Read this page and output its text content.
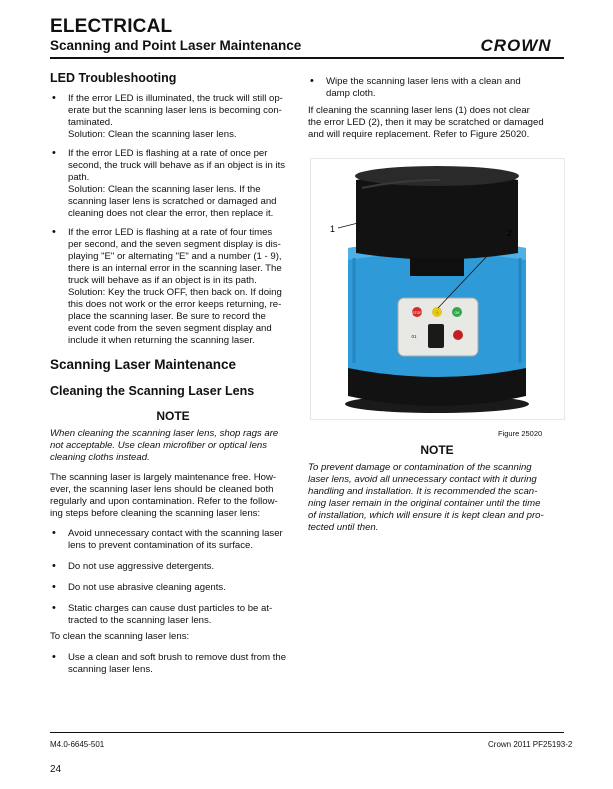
ELECTRICAL
Scanning and Point Laser Maintenance	CROWN

LED Troubleshooting

• If the error LED is illuminated, the truck will still op-
erate but the scanning laser lens is becoming con-
taminated.
Solution: Clean the scanning laser lens.
• If the error LED is flashing at a rate of once per
second, the truck will behave as if an object is in its
path.
Solution: Clean the scanning laser lens. If the
scanning laser lens is scratched or damaged and
cleaning does not clear the error, then replace it.
• If the error LED is flashing at a rate of four times
per second, and the seven segment display is dis-
playing "E" or alternating "E" and a number (1 - 9),
there is an internal error in the scanning laser. The
truck will behave as if an object is in its path.
Solution: Key the truck OFF, then back on. If doing
this does not work or the error keeps returning, re-
place the scanning laser. Be sure to record the
event code from the seven segment display and
include it when returning the scanning laser.

Scanning Laser Maintenance

Cleaning the Scanning Laser Lens

NOTE

When cleaning the scanning laser lens, shop rags are
not acceptable. Use clean microfiber or optical lens
cleaning cloths instead.
The scanning laser is largely maintenance free. How-
ever, the scanning laser lens should be cleaned both
regularly and upon contamination. Refer to the follow-
ing steps before cleaning the scanning laser lens:
• Avoid unnecessary contact with the scanning laser
lens to prevent contamination of its surface.
• Do not use aggressive detergents.
• Do not use abrasive cleaning agents.
• Static charges can cause dust particles to be at-
tracted to the scanning laser lens.

To clean the scanning laser lens:

• Use a clean and soft brush to remove dust from the
scanning laser lens.
• Wipe the scanning laser lens with a clean and
damp cloth.
If cleaning the scanning laser lens (1) does not clear
the error LED (2), then it may be scratched or damaged
and will require replacement. Refer to Figure 25020.
STOP	!	OK
01
1	2
Figure 25020

NOTE

To prevent damage or contamination of the scanning
laser lens, avoid all unnecessary contact with it during
handling and installation. It is recommended the scan-
ning laser remain in the original container until the time
of installation, which will ensure it is kept clean and pro-
tected until then.
M4.0-6645-501	Crown 2011 PF25193-2
24
